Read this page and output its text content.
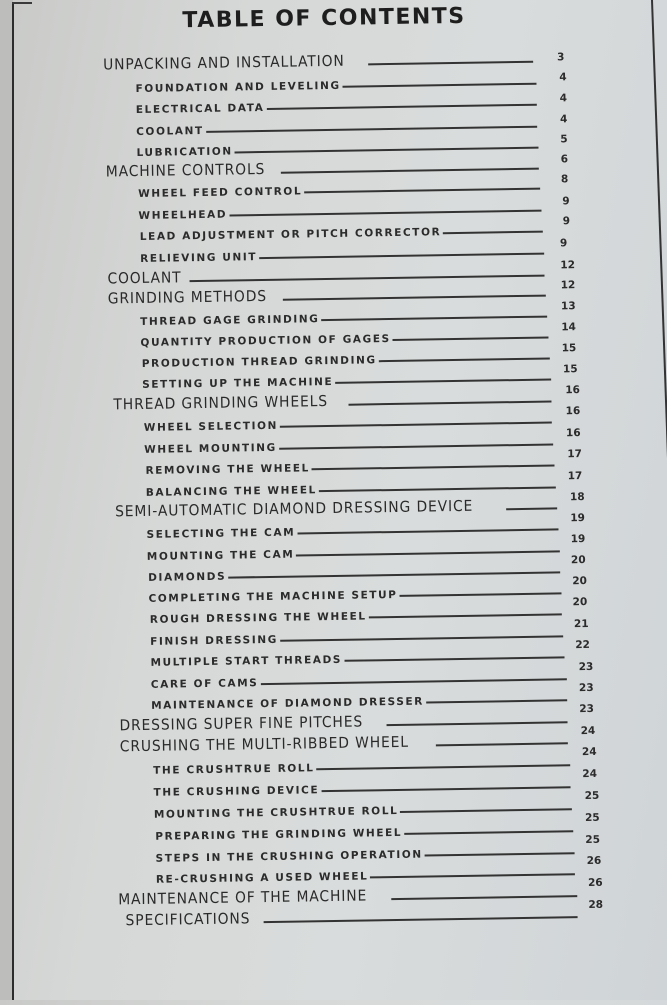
TABLE OF CONTENTS
UNPACKING AND INSTALLATION	3
FOUNDATION AND LEVELING
4
ELECTRICAL DATA
4
COOLANT
4
LUBRICATION
5
MACHINE CONTROLS
6
WHEEL FEED CONTROL
8
WHEELHEAD
9
LEAD ADJUSTMENT OR PITCH CORRECTOR
9
RELIEVING UNIT
9
COOLANT
12
GRINDING METHODS
12
THREAD GAGE GRINDING
13
QUANTITY PRODUCTION OF GAGES
14
PRODUCTION THREAD GRINDING
15
SETTING UP THE MACHINE
15
THREAD GRINDING WHEELS
16
WHEEL SELECTION
16
WHEEL MOUNTING
16
REMOVING THE WHEEL
17
BALANCING THE WHEEL
17
SEMI-AUTOMATIC DIAMOND DRESSING DEVICE	18
SELECTING THE CAM
19
MOUNTING THE CAM
19
DIAMONDS
20
COMPLETING THE MACHINE SETUP
20
ROUGH DRESSING THE WHEEL
20
FINISH DRESSING
21
MULTIPLE START THREADS
22
CARE OF CAMS
23
MAINTENANCE OF DIAMOND DRESSER
23
DRESSING SUPER FINE PITCHES
23
CRUSHING THE MULTI-RIBBED WHEEL
24
THE CRUSHTRUE ROLL
24
THE CRUSHING DEVICE
24
MOUNTING THE CRUSHTRUE ROLL
25
PREPARING THE GRINDING WHEEL
25
STEPS IN THE CRUSHING OPERATION
25
RE-CRUSHING A USED WHEEL
26
MAINTENANCE OF THE MACHINE
26
SPECIFICATIONS
28
